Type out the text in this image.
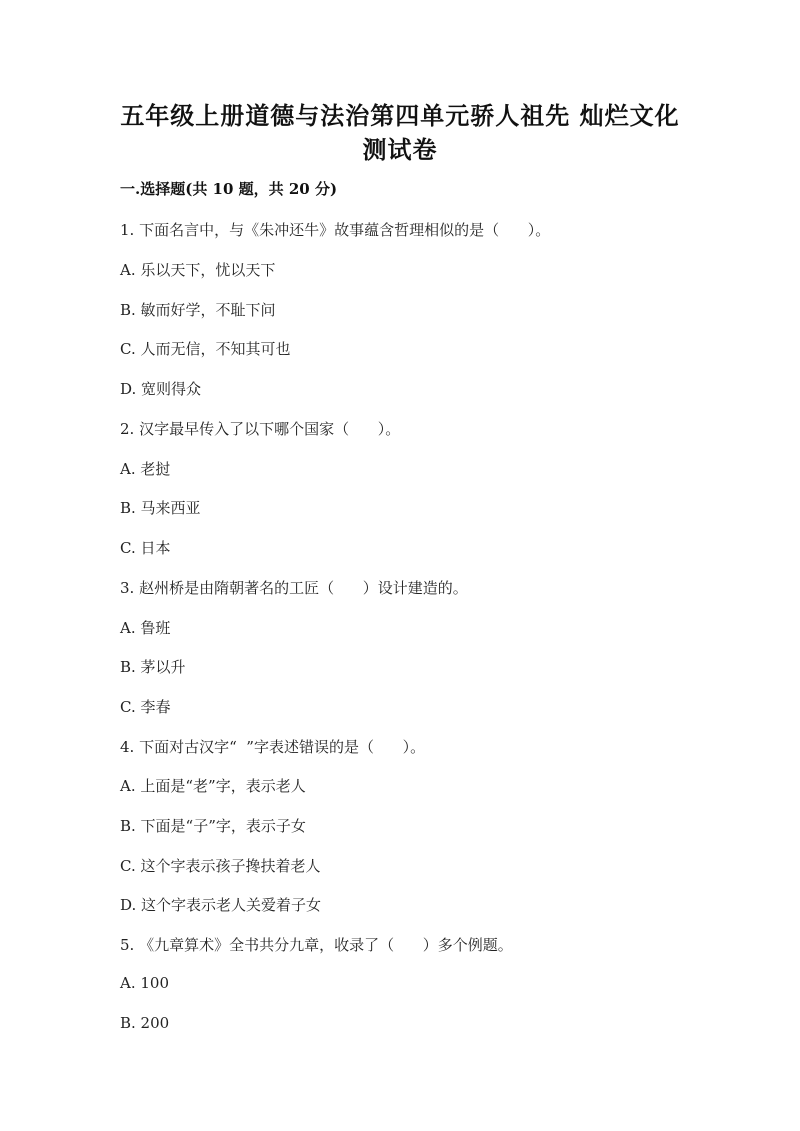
五年级上册道德与法治第四单元骄人祖先 灿烂文化
测试卷
一.选择题(共 10 题，共 20 分)
1. 下面名言中，与《朱冲还牛》故事蕴含哲理相似的是（      ）。
A. 乐以天下，忧以天下
B. 敏而好学，不耻下问
C. 人而无信，不知其可也
D. 宽则得众
2. 汉字最早传入了以下哪个国家（      ）。
A. 老挝
B. 马来西亚
C. 日本
3. 赵州桥是由隋朝著名的工匠（      ）设计建造的。
A. 鲁班
B. 茅以升
C. 李春
4. 下面对古汉字“  ”字表述错误的是（      ）。
A. 上面是“老”字，表示老人
B. 下面是“子”字，表示子女
C. 这个字表示孩子搀扶着老人
D. 这个字表示老人关爱着子女
5. 《九章算术》全书共分九章，收录了（      ）多个例题。
A. 100
B. 200
